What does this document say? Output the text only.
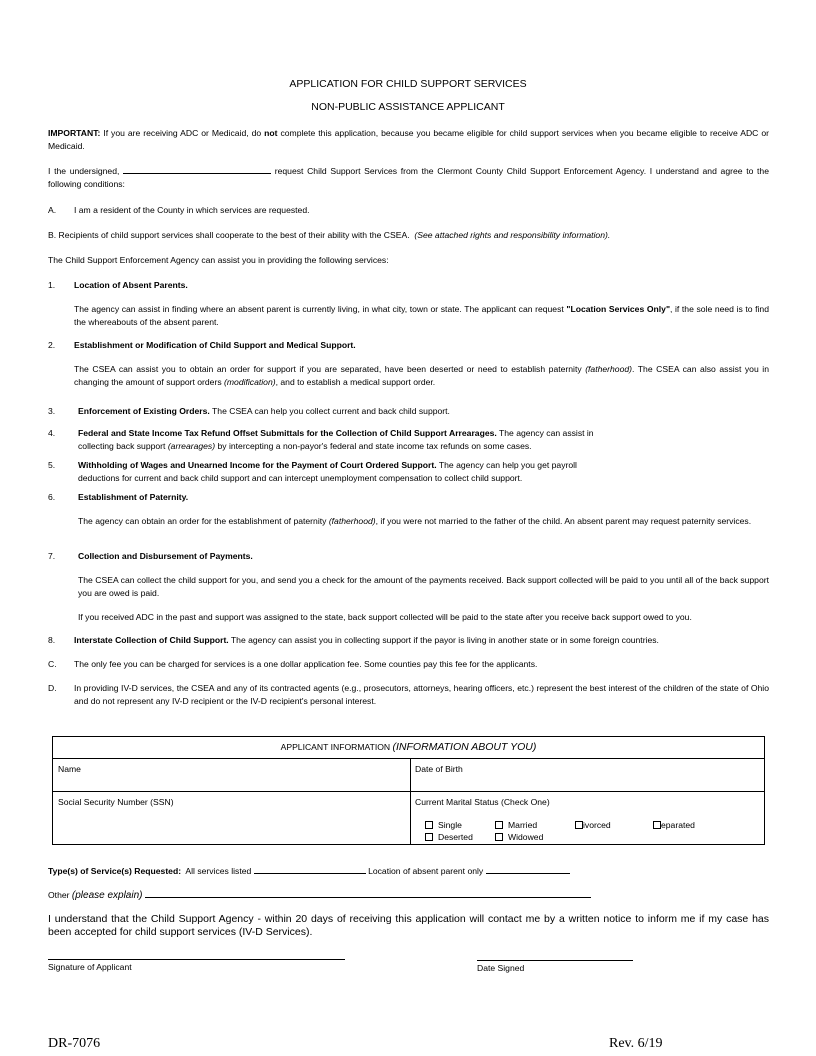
APPLICATION FOR CHILD SUPPORT SERVICES
NON-PUBLIC ASSISTANCE APPLICANT
IMPORTANT: If you are receiving ADC or Medicaid, do not complete this application, because you became eligible for child support services when you became eligible to receive ADC or Medicaid.
I the undersigned,	request Child Support Services from the Clermont County Child Support Enforcement Agency. I understand and agree to the following conditions:
A. I am a resident of the County in which services are requested.
B. Recipients of child support services shall cooperate to the best of their ability with the CSEA. (See attached rights and responsibility information).
The Child Support Enforcement Agency can assist you in providing the following services:
1. Location of Absent Parents.
The agency can assist in finding where an absent parent is currently living, in what city, town or state. The applicant can request "Location Services Only", if the sole need is to find the whereabouts of the absent parent.
2. Establishment or Modification of Child Support and Medical Support.
The CSEA can assist you to obtain an order for support if you are separated, have been deserted or need to establish paternity (fatherhood). The CSEA can also assist you in changing the amount of support orders (modification), and to establish a medical support order.
3.	Enforcement of Existing Orders. The CSEA can help you collect current and back child support.
4.	Federal and State Income Tax Refund Offset Submittals for the Collection of Child Support Arrearages. The agency can assist in collecting back support (arrearages) by intercepting a non-payor's federal and state income tax refunds on some cases.
5.	Withholding of Wages and Unearned Income for the Payment of Court Ordered Support. The agency can help you get payroll deductions for current and back child support and can intercept unemployment compensation to collect child support.
6.	Establishment of Paternity.
The agency can obtain an order for the establishment of paternity (fatherhood), if you were not married to the father of the child. An absent parent may request paternity services.
7.	Collection and Disbursement of Payments.
The CSEA can collect the child support for you, and send you a check for the amount of the payments received. Back support collected will be paid to you until all of the back support you are owed is paid.
If you received ADC in the past and support was assigned to the state, back support collected will be paid to the state after you receive back support owed to you.
8. Interstate Collection of Child Support. The agency can assist you in collecting support if the payor is living in another state or in some foreign countries.
C. The only fee you can be charged for services is a one dollar application fee. Some counties pay this fee for the applicants.
D. In providing IV-D services, the CSEA and any of its contracted agents (e.g., prosecutors, attorneys, hearing officers, etc.) represent the best interest of the children of the state of Ohio and do not represent any IV-D recipient or the IV-D recipient's personal interest.
APPLICANT INFORMATION (INFORMATION ABOUT YOU)
Name	Date of Birth
Social Security Number (SSN)	Current Marital Status (Check One)
Single	Married	ivorced	eparated
Deserted	Widowed
Type(s) of Service(s) Requested: All services listed	Location of absent parent only
Other (please explain)
I understand that the Child Support Agency - within 20 days of receiving this application will contact me by a written notice to inform me if my case has been accepted for child support services (IV-D Services).
Signature of Applicant	Date Signed
DR-7076	Rev. 6/19
